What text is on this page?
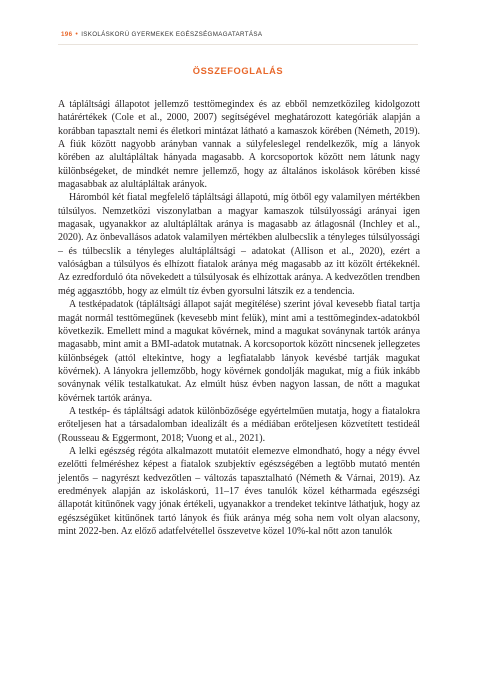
196 • ISKOLÁSKORÚ GYERMEKEK EGÉSZSÉGMAGATARTÁSA
ÖSSZEFOGLALÁS

A tápláltsági állapotot jellemző testtömegindex és az ebből nemzetközileg kidolgozott határértékek (Cole et al., 2000, 2007) segítségével meghatározott kategóriák alapján a korábban tapasztalt nemi és életkori mintázat látható a kamaszok körében (Németh, 2019). A fiúk között nagyobb arányban vannak a súlyfeleslegel rendelkezők, míg a lányok körében az alultápláltak hányada magasabb. A korcsoportok között nem látunk nagy különbségeket, de mindkét nemre jellemző, hogy az általános iskolások körében kissé magasabbak az alultápláltak arányok.

Háromból két fiatal megfelelő tápláltsági állapotú, míg ötből egy valamilyen mértékben túlsúlyos. Nemzetközi viszonylatban a magyar kamaszok túlsúlyossági arányai igen magasak, ugyanakkor az alultápláltak aránya is magasabb az átlagosnál (Inchley et al., 2020). Az önbevallásos adatok valamilyen mértékben alulbecslik a tényleges túlsúlyossági – és túlbecslik a tényleges alultápláltsági – adatokat (Allison et al., 2020), ezért a valóságban a túlsúlyos és elhízott fiatalok aránya még magasabb az itt közölt értékeknél. Az ezredforduló óta növekedett a túlsúlyosak és elhízottak aránya. A kedvezőtlen trendben még aggasztóbb, hogy az elmúlt tíz évben gyorsulni látszik ez a tendencia.

A testképadatok (tápláltsági állapot saját megítélése) szerint jóval kevesebb fiatal tartja magát normál testtömegűnek (kevesebb mint felük), mint ami a testtömegindex-adatokból következik. Emellett mind a magukat kövérnek, mind a magukat soványnak tartók aránya magasabb, mint amit a BMI-adatok mutatnak. A korcsoportok között nincsenek jellegzetes különbségek (attól eltekintve, hogy a legfiatalabb lányok kevésbé tartják magukat kövérnek). A lányokra jellemzőbb, hogy kövérnek gondolják magukat, míg a fiúk inkább soványnak vélik testalkatukat. Az elmúlt húsz évben nagyon lassan, de nőtt a magukat kövérnek tartók aránya.

A testkép- és tápláltsági adatok különbözősége egyértelműen mutatja, hogy a fiatalokra erőteljesen hat a társadalomban idealizált és a médiában erőteljesen közvetített testideál (Rousseau & Eggermont, 2018; Vuong et al., 2021).

A lelki egészség régóta alkalmazott mutatóit elemezve elmondható, hogy a négy évvel ezelőtti felméréshez képest a fiatalok szubjektív egészségében a legtöbb mutató mentén jelentős – nagyrészt kedvezőtlen – változás tapasztalható (Németh & Várnai, 2019). Az eredmények alapján az iskoláskorú, 11–17 éves tanulók közel kétharmada egészségi állapotát kitűnőnek vagy jónak értékeli, ugyanakkor a trendeket tekintve láthatjuk, hogy az egészségüket kitűnőnek tartó lányok és fiúk aránya még soha nem volt olyan alacsony, mint 2022-ben. Az előző adatfelvétellel összevetve közel 10%-kal nőtt azon tanulók
